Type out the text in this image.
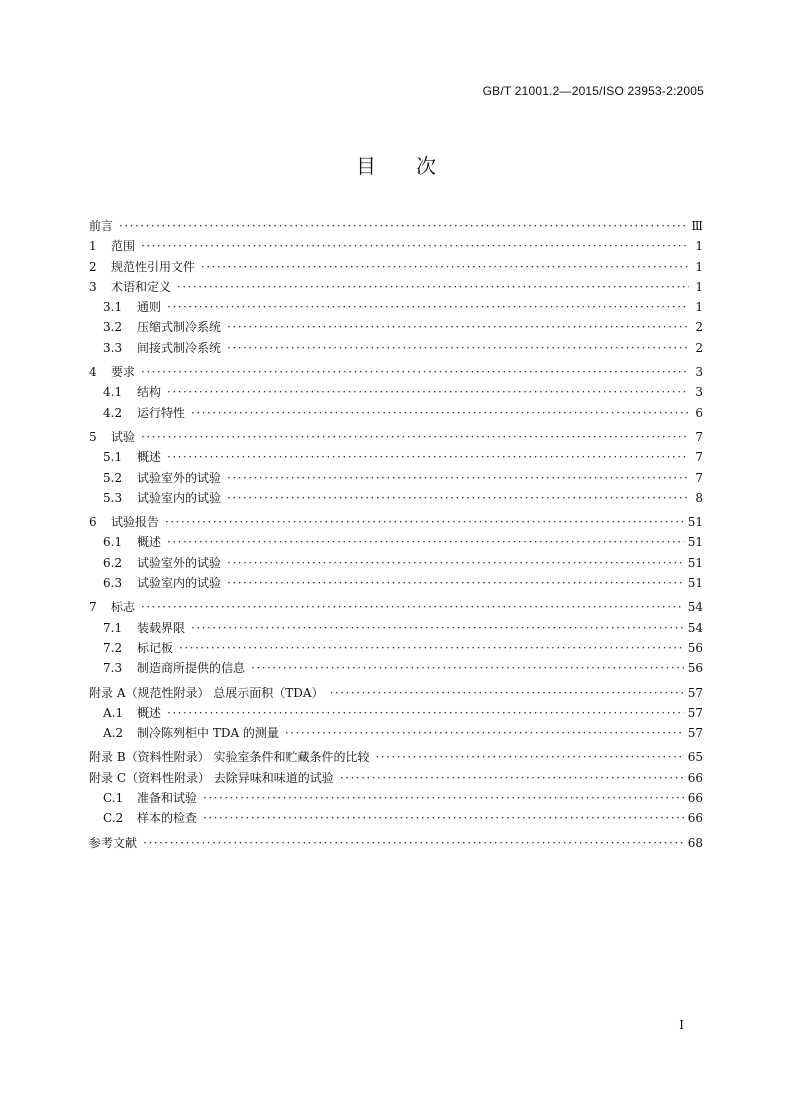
GB/T 21001.2—2015/ISO 23953-2:2005
目 次
前言 ·····	Ⅲ
1 范围 ·····	1
2 规范性引用文件 ·····	1
3 术语和定义 ·····	1
3.1 通则 ·····	1
3.2 压缩式制冷系统 ·····	2
3.3 间接式制冷系统 ·····	2
4 要求 ·····	3
4.1 结构 ·····	3
4.2 运行特性 ·····	6
5 试验 ·····	7
5.1 概述 ·····	7
5.2 试验室外的试验 ·····	7
5.3 试验室内的试验 ·····	8
6 试验报告 ·····	51
6.1 概述 ·····	51
6.2 试验室外的试验 ·····	51
6.3 试验室内的试验 ·····	51
7 标志 ·····	54
7.1 装载界限 ·····	54
7.2 标记板 ·····	56
7.3 制造商所提供的信息 ·····	56
附录 A（规范性附录） 总展示面积（TDA） ·····	57
A.1 概述 ·····	57
A.2 制冷陈列柜中 TDA 的测量 ·····	57
附录 B（资料性附录） 实验室条件和贮藏条件的比较 ·····	65
附录 C（资料性附录） 去除异味和味道的试验 ·····	66
C.1 准备和试验 ·····	66
C.2 样本的检查 ·····	66
参考文献 ·····	68
Ⅰ
